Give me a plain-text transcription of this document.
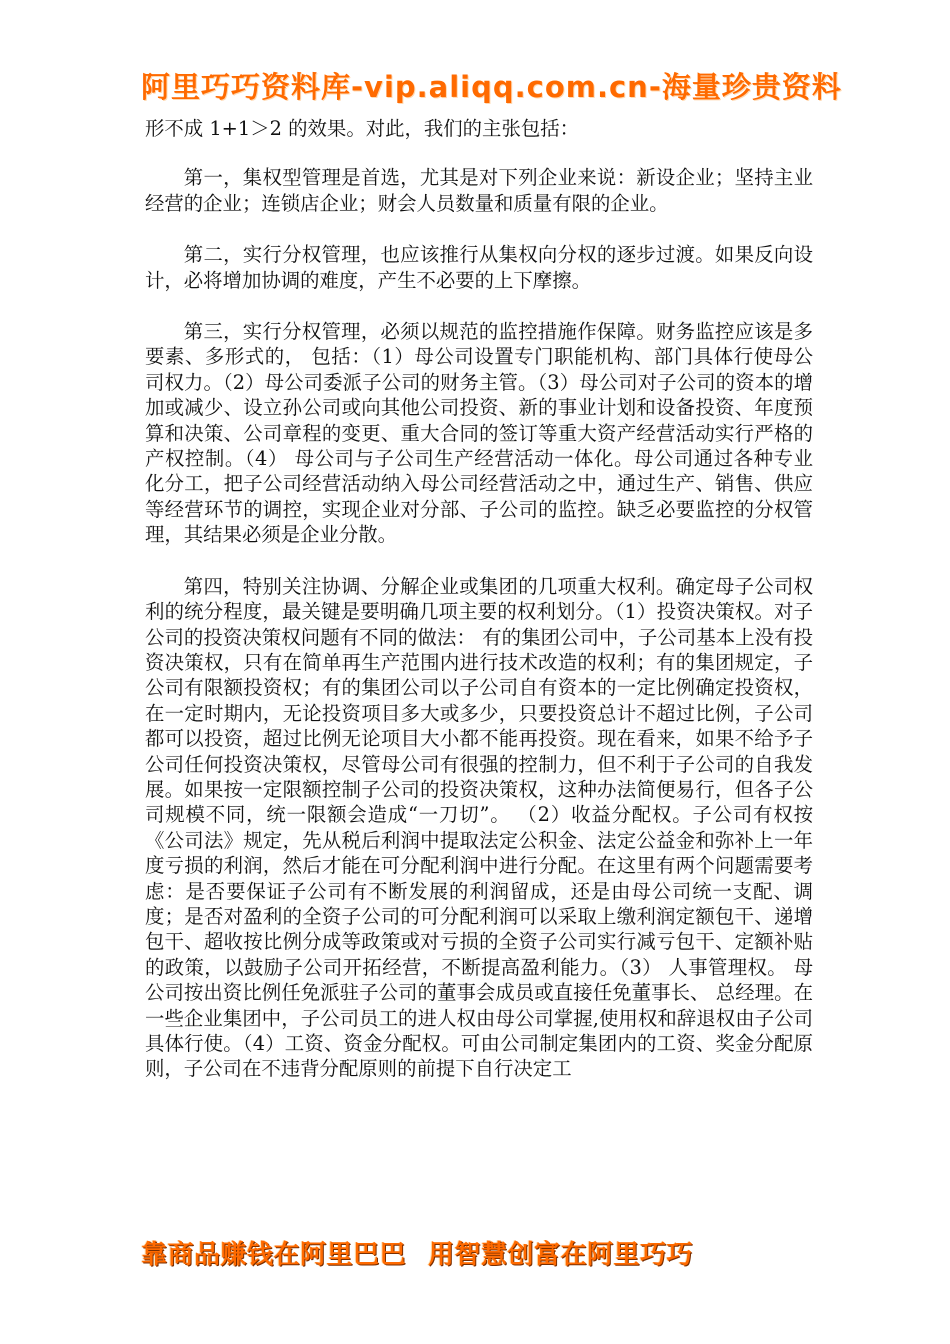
阿里巧巧资料库-vip.aliqq.com.cn-海量珍贵资料

形不成 1+1＞2 的效果。对此，我们的主张包括：

第一，集权型管理是首选，尤其是对下列企业来说：新设企业；坚持主业经营的企业；连锁店企业；财会人员数量和质量有限的企业。

第二，实行分权管理，也应该推行从集权向分权的逐步过渡。如果反向设计，必将增加协调的难度，产生不必要的上下摩擦。

第三，实行分权管理，必须以规范的监控措施作保障。财务监控应该是多要素、多形式的， 包括：（1）母公司设置专门职能机构、部门具体行使母公司权力。（2）母公司委派子公司的财务主管。（3）母公司对子公司的资本的增加或减少、设立孙公司或向其他公司投资、新的事业计划和设备投资、年度预算和决策、公司章程的变更、重大合同的签订等重大资产经营活动实行严格的产权控制。（4） 母公司与子公司生产经营活动一体化。母公司通过各种专业化分工，把子公司经营活动纳入母公司经营活动之中，通过生产、销售、供应等经营环节的调控，实现企业对分部、子公司的监控。缺乏必要监控的分权管理，其结果必须是企业分散。

第四，特别关注协调、分解企业或集团的几项重大权利。确定母子公司权利的统分程度，最关键是要明确几项主要的权利划分。（1）投资决策权。对子公司的投资决策权问题有不同的做法： 有的集团公司中，子公司基本上没有投资决策权，只有在简单再生产范围内进行技术改造的权利；有的集团规定，子公司有限额投资权；有的集团公司以子公司自有资本的一定比例确定投资权，在一定时期内，无论投资项目多大或多少，只要投资总计不超过比例，子公司都可以投资，超过比例无论项目大小都不能再投资。现在看来，如果不给予子公司任何投资决策权，尽管母公司有很强的控制力，但不利于子公司的自我发展。如果按一定限额控制子公司的投资决策权，这种办法简便易行，但各子公司规模不同，统一限额会造成“一刀切”。 （2）收益分配权。子公司有权按《公司法》规定，先从税后利润中提取法定公积金、法定公益金和弥补上一年度亏损的利润，然后才能在可分配利润中进行分配。在这里有两个问题需要考虑：是否要保证子公司有不断发展的利润留成，还是由母公司统一支配、调度；是否对盈利的全资子公司的可分配利润可以采取上缴利润定额包干、递增包干、超收按比例分成等政策或对亏损的全资子公司实行减亏包干、定额补贴的政策，以鼓励子公司开拓经营，不断提高盈利能力。（3） 人事管理权。 母公司按出资比例任免派驻子公司的董事会成员或直接任免董事长、 总经理。在一些企业集团中，子公司员工的进人权由母公司掌握,使用权和辞退权由子公司具体行使。（4）工资、资金分配权。可由公司制定集团内的工资、奖金分配原则，子公司在不违背分配原则的前提下自行决定工

靠商品赚钱在阿里巴巴 用智慧创富在阿里巧巧
